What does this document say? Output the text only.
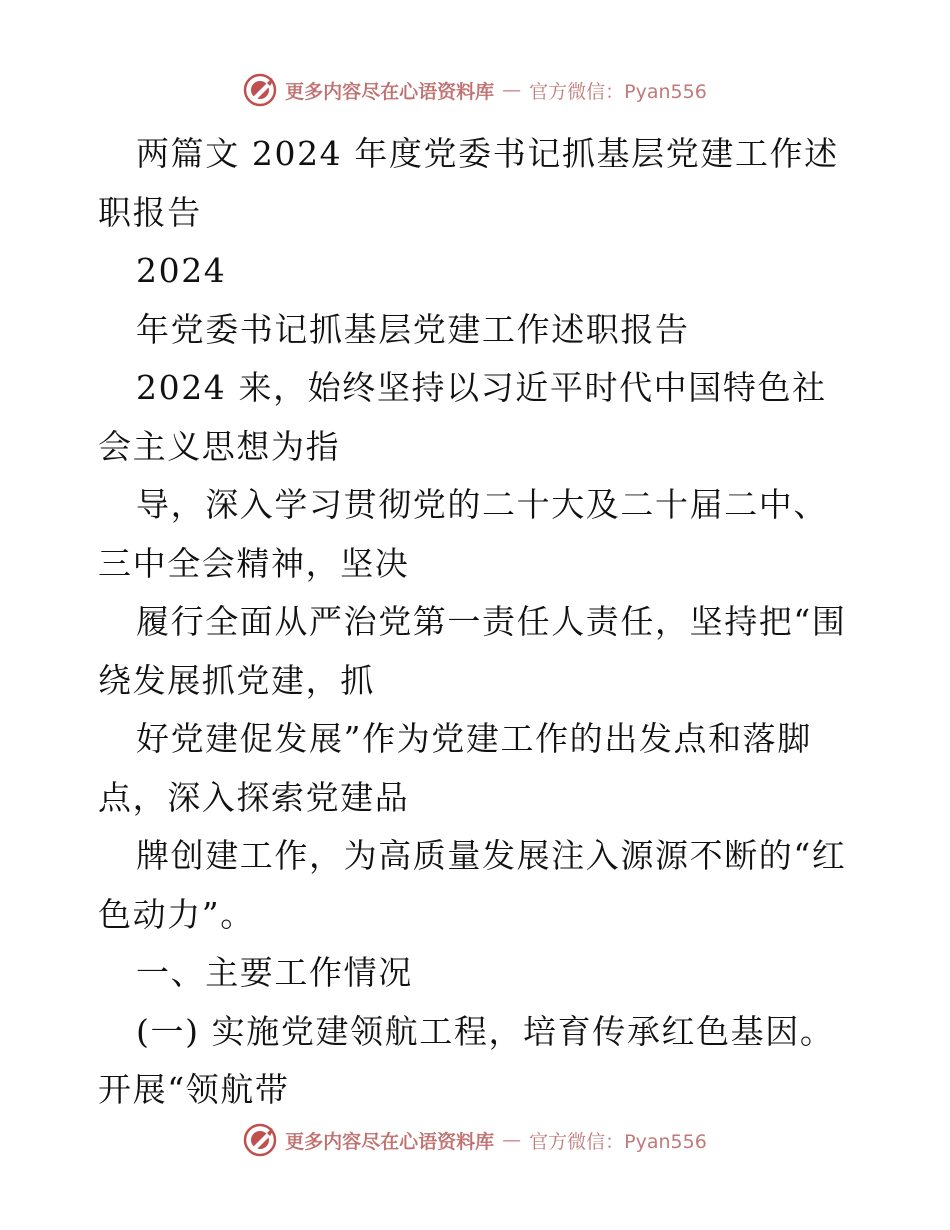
更多内容尽在心语资料库 — 官方微信：Pyan556

两篇文 2024 年度党委书记抓基层党建工作述职报告

2024

年党委书记抓基层党建工作述职报告

2024 来，始终坚持以习近平时代中国特色社会主义思想为指

导，深入学习贯彻党的二十大及二十届二中、三中全会精神，坚决

履行全面从严治党第一责任人责任，坚持把“围绕发展抓党建，抓

好党建促发展”作为党建工作的出发点和落脚点，深入探索党建品

牌创建工作，为高质量发展注入源源不断的“红色动力”。

一、主要工作情况

(一) 实施党建领航工程，培育传承红色基因。开展“领航带

更多内容尽在心语资料库 — 官方微信：Pyan556
